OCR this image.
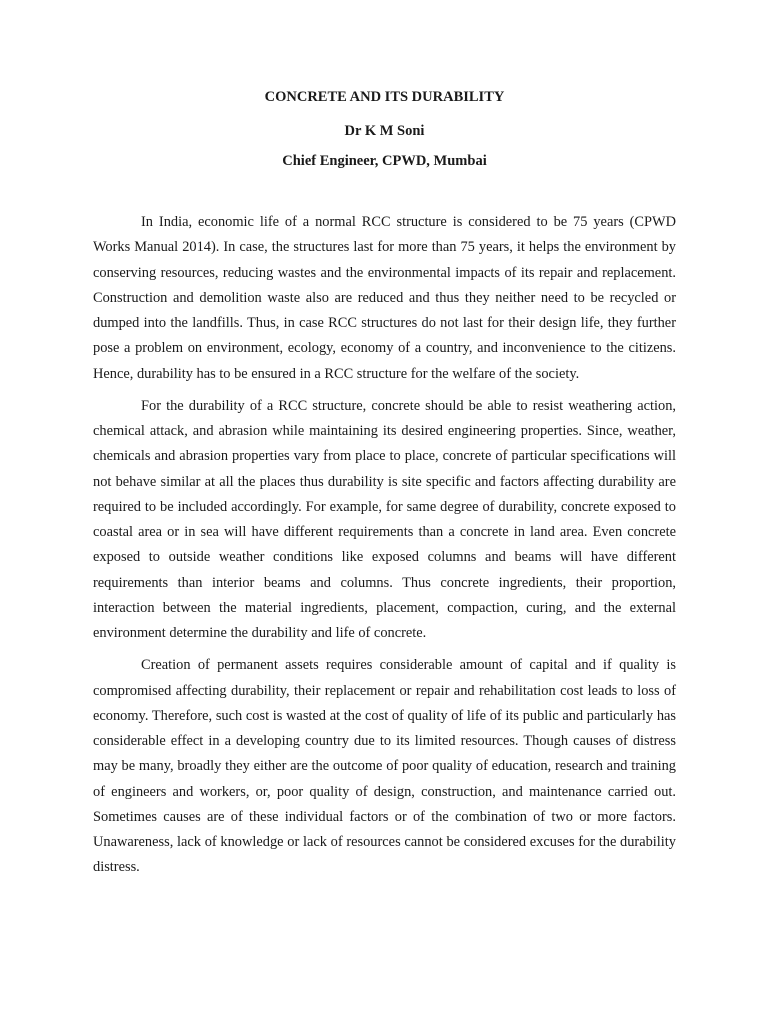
CONCRETE AND ITS DURABILITY
Dr K M Soni
Chief Engineer, CPWD, Mumbai

In India, economic life of a normal RCC structure is considered to be 75 years (CPWD Works Manual 2014). In case, the structures last for more than 75 years, it helps the environment by conserving resources, reducing wastes and the environmental impacts of its repair and replacement. Construction and demolition waste also are reduced and thus they neither need to be recycled or dumped into the landfills. Thus, in case RCC structures do not last for their design life, they further pose a problem on environment, ecology, economy of a country, and inconvenience to the citizens. Hence, durability has to be ensured in a RCC structure for the welfare of the society.

For the durability of a RCC structure, concrete should be able to resist weathering action, chemical attack, and abrasion while maintaining its desired engineering properties. Since, weather, chemicals and abrasion properties vary from place to place, concrete of particular specifications will not behave similar at all the places thus durability is site specific and factors affecting durability are required to be included accordingly. For example, for same degree of durability, concrete exposed to coastal area or in sea will have different requirements than a concrete in land area. Even concrete exposed to outside weather conditions like exposed columns and beams will have different requirements than interior beams and columns. Thus concrete ingredients, their proportion, interaction between the material ingredients, placement, compaction, curing, and the external environment determine the durability and life of concrete.

Creation of permanent assets requires considerable amount of capital and if quality is compromised affecting durability, their replacement or repair and rehabilitation cost leads to loss of economy. Therefore, such cost is wasted at the cost of quality of life of its public and particularly has considerable effect in a developing country due to its limited resources. Though causes of distress may be many, broadly they either are the outcome of poor quality of education, research and training of engineers and workers, or, poor quality of design, construction, and maintenance carried out. Sometimes causes are of these individual factors or of the combination of two or more factors. Unawareness, lack of knowledge or lack of resources cannot be considered excuses for the durability distress.
